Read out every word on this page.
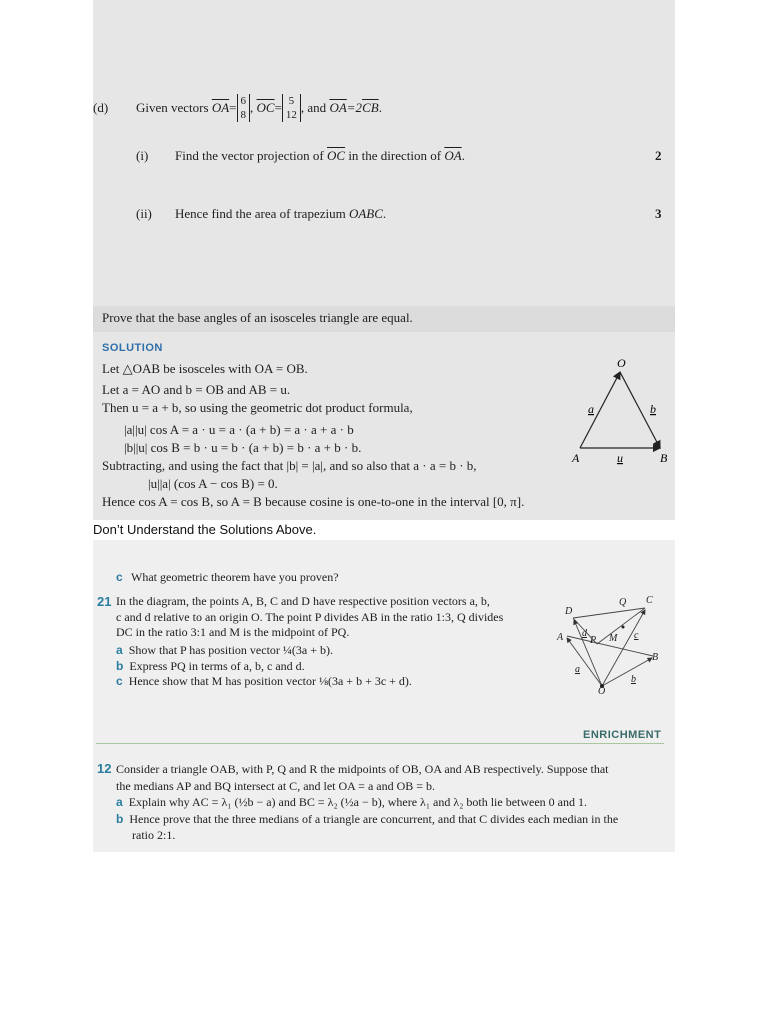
(d) Given vectors
$\overline{OA} = 6$
8 , $\overline{OC} = 5$
12 , and
$\overline{OA} =2$ $\overline{CB}$ .
(i) Find the vector projection of $\overline{OC}$ in the direction of $\overline{OA}$.	2
(ii) Hence find the area of trapezium OABC.	3
Prove that the base angles of an isosceles triangle are equal.
SOLUTION
Let △OAB be isosceles with OA = OB.
Let a = AO and b = OB and AB = u.
Then u = a + b, so using the geometric dot product formula,
|a||u| cos A = a · u = a · (a + b) = a · a + a · b
|b||u| cos B = b · u = b · (a + b) = b · a + b · b.
Subtracting, and using the fact that |b| = |a|, and so also that a · a = b · b,
|u||a| (cos A − cos B) = 0.
Hence cos A = cos B, so A = B because cosine is one-to-one in the interval [0, π].
O
A	B
a	b
u
Don’t Understand the Solutions Above.
c What geometric theorem have you proven?
21 In the diagram, the points A, B, C and D have respective position vectors a, b,
c and d relative to an origin O. The point P divides AB in the ratio 1:3, Q divides
DC in the ratio 3:1 and M is the midpoint of PQ.
a Show that P has position vector ¼(3a + b).
b Express PQ in terms of a, b, c and d.
c Hence show that M has position vector ⅛(3a + b + 3c + d).
D
Q C
A	P M
B
O
a
b
c
d
ENRICHMENT
12 Consider a triangle OAB, with P, Q and R the midpoints of OB, OA and AB respectively. Suppose that
the medians AP and BQ intersect at C, and let OA = a and OB = b.
a Explain why AC = λ₁ (½b − a) and BC = λ₂ (½a − b), where λ₁ and λ₂ both lie between 0 and 1.
b Hence prove that the three medians of a triangle are concurrent, and that C divides each median in the
ratio 2:1.
